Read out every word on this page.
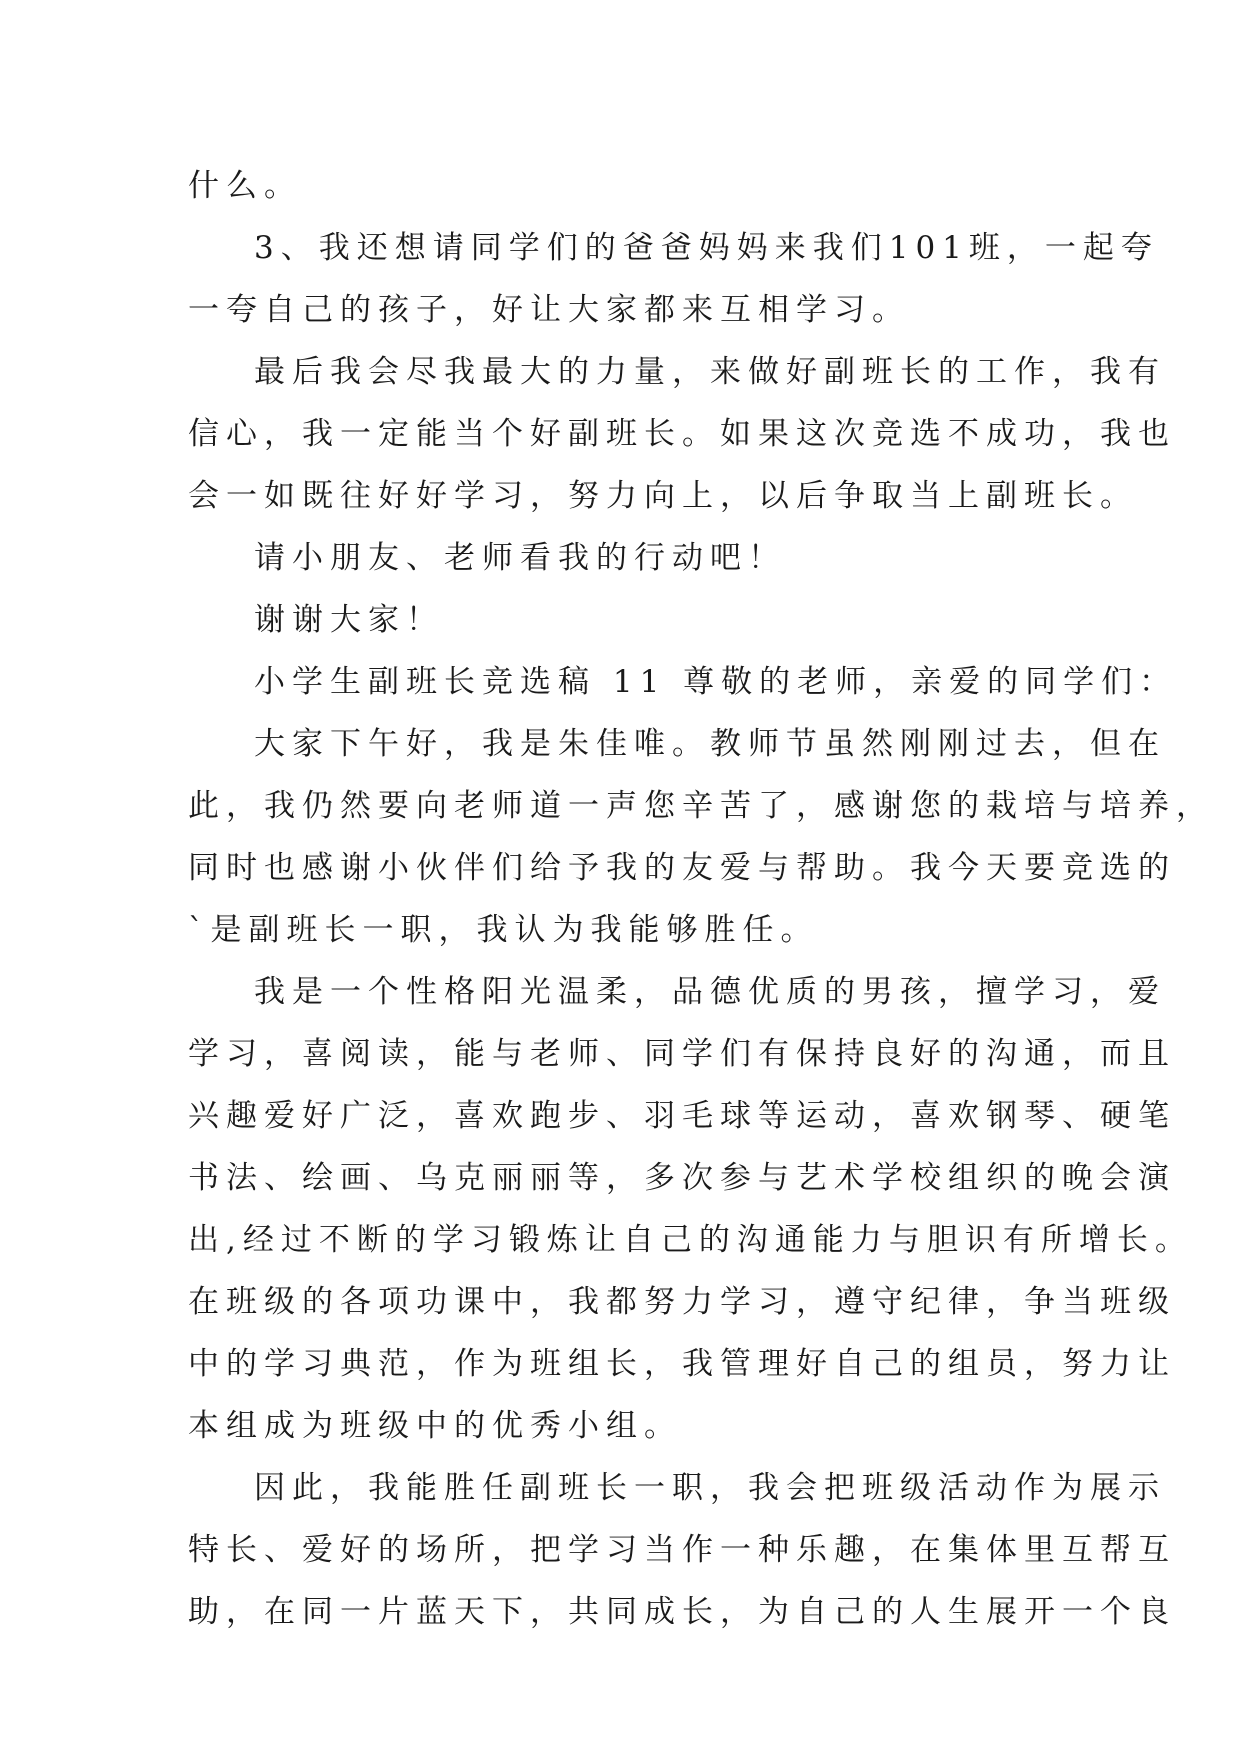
什么。
3、我还想请同学们的爸爸妈妈来我们101班，一起夸
一夸自己的孩子，好让大家都来互相学习。
最后我会尽我最大的力量，来做好副班长的工作，我有
信心，我一定能当个好副班长。如果这次竞选不成功，我也
会一如既往好好学习，努力向上，以后争取当上副班长。
请小朋友、老师看我的行动吧！
谢谢大家！
小学生副班长竞选稿 11 尊敬的老师，亲爱的同学们：
大家下午好，我是朱佳唯。教师节虽然刚刚过去，但在
此，我仍然要向老师道一声您辛苦了，感谢您的栽培与培养，
同时也感谢小伙伴们给予我的友爱与帮助。我今天要竞选的
`是副班长一职，我认为我能够胜任。
我是一个性格阳光温柔，品德优质的男孩，擅学习，爱
学习，喜阅读，能与老师、同学们有保持良好的沟通，而且
兴趣爱好广泛，喜欢跑步、羽毛球等运动，喜欢钢琴、硬笔
书法、绘画、乌克丽丽等，多次参与艺术学校组织的晚会演
出,经过不断的学习锻炼让自己的沟通能力与胆识有所增长。
在班级的各项功课中，我都努力学习，遵守纪律，争当班级
中的学习典范，作为班组长，我管理好自己的组员，努力让
本组成为班级中的优秀小组。
因此，我能胜任副班长一职，我会把班级活动作为展示
特长、爱好的场所，把学习当作一种乐趣，在集体里互帮互
助，在同一片蓝天下，共同成长，为自己的人生展开一个良
